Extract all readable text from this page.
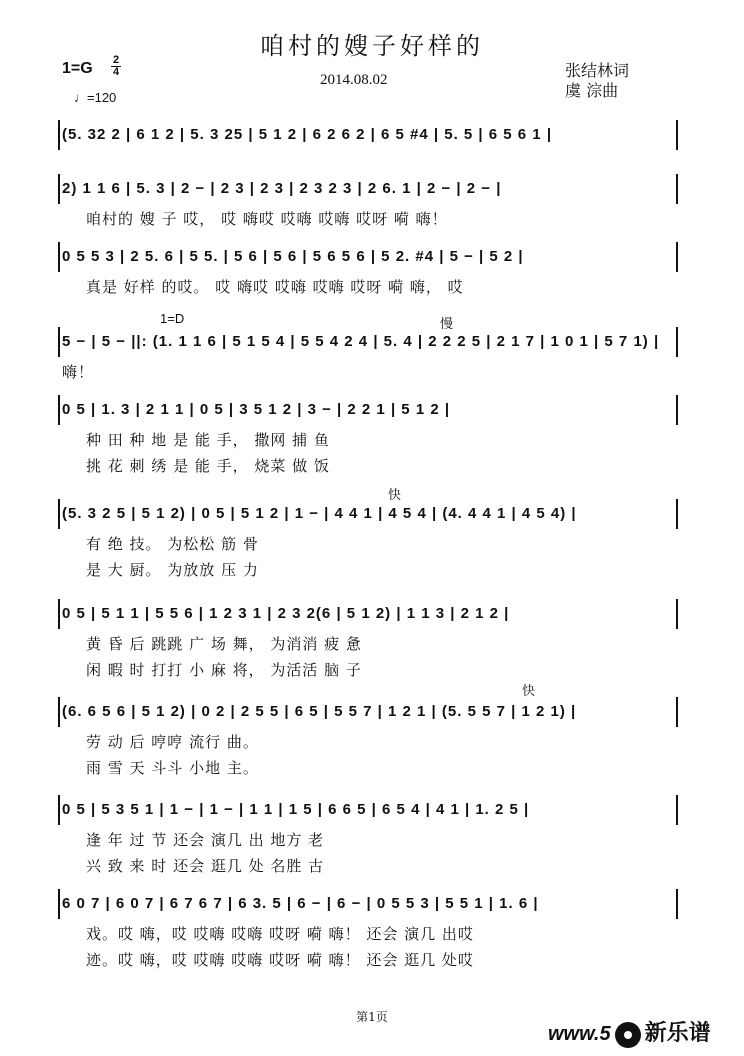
咱村的嫂子好样的
1=G 2
4
♩=120
2014.08.02	张结林词
虞 淙曲
(5. 32 2 | 6 1 2 | 5. 3 25 | 5 1 2 | 6 2 6 2 | 6 5 #4 | 5. 5 | 6 5 6 1 |
2) 1 1 6 | 5. 3 | 2 − | 2 3 | 2 3 | 2 3 2 3 | 2 6. 1 | 2 − | 2 − |
咱村的 嫂 子 哎， 哎 嗨哎 哎嗨 哎嗨 哎呀 嗬 嗨！
0 5 5 3 | 2 5. 6 | 5 5. | 5 6 | 5 6 | 5 6 5 6 | 5 2. #4 | 5 − | 5 2 |
真是 好样 的哎。 哎 嗨哎 哎嗨 哎嗨 哎呀 嗬 嗨， 哎
5 − | 5 − ||: (1. 1 1 6 | 5 1 5 4 | 5 5 4 2 4 | 5. 4 | 2 2 2 5 | 2 1 7 | 1 0 1 | 5 7 1) |
嗨！
0 5 | 1. 3 | 2 1 1 | 0 5 | 3 5 1 2 | 3 − | 2 2 1 | 5 1 2 |
种 田 种 地 是 能 手， 撒网 捕 鱼
挑 花 刺 绣 是 能 手， 烧菜 做 饭
(5. 3 2 5 | 5 1 2) | 0 5 | 5 1 2 | 1 − | 4 4 1 | 4 5 4 | (4. 4 4 1 | 4 5 4) |
有 绝 技。 为松松 筋 骨
是 大 厨。 为放放 压 力
0 5 | 5 1 1 | 5 5 6 | 1 2 3 1 | 2 3 2(6 | 5 1 2) | 1 1 3 | 2 1 2 |
黄 昏 后 跳跳 广 场 舞， 为消消 疲 惫
闲 暇 时 打打 小 麻 将， 为活活 脑 子
(6. 6 5 6 | 5 1 2) | 0 2 | 2 5 5 | 6 5 | 5 5 7 | 1 2 1 | (5. 5 5 7 | 1 2 1) |
劳 动 后 哼哼 流行 曲。
雨 雪 天 斗斗 小地 主。
0 5 | 5 3 5 1 | 1 − | 1 − | 1 1 | 1 5 | 6 6 5 | 6 5 4 | 4 1 | 1. 2 5 |
逢 年 过 节 还会 演几 出 地方 老
兴 致 来 时 还会 逛几 处 名胜 古
6 0 7 | 6 0 7 | 6 7 6 7 | 6 3. 5 | 6 − | 6 − | 0 5 5 3 | 5 5 1 | 1. 6 |
戏。哎 嗨，哎 哎嗨 哎嗨 哎呀 嗬 嗨！ 还会 演几 出哎
迹。哎 嗨，哎 哎嗨 哎嗨 哎呀 嗬 嗨！ 还会 逛几 处哎
1=D	慢
快
快
第1页
www.5 新乐谱
